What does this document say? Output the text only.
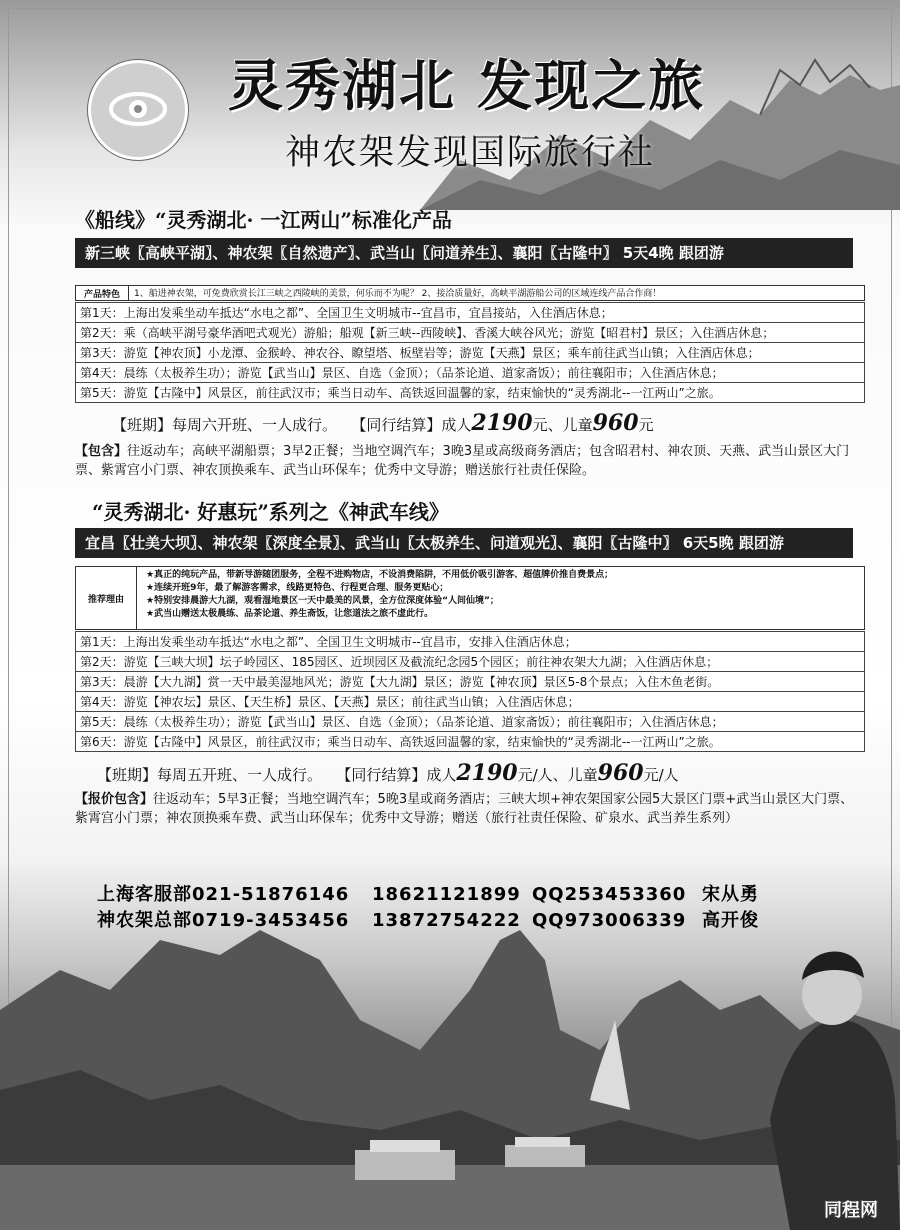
灵秀湖北 发现之旅
神农架发现国际旅行社
《船线》“灵秀湖北· 一江两山”标准化产品
新三峡〖高峡平湖〗、神农架〖自然遗产〗、武当山〖问道养生〗、襄阳〖古隆中〗 5天4晚 跟团游
产品特色	1、船进神农架，可免费欣赏长江三峡之西陵峡的美景，何乐而不为呢？ 2、接洽质量好，高峡平湖游船公司的区域连线产品合作商！
第1天：上海出发乘坐动车抵达“水电之都”、全国卫生文明城市--宜昌市，宜昌接站，入住酒店休息；
第2天：乘（高峡平湖号豪华酒吧式观光）游船；船观【新三峡--西陵峡】、香溪大峡谷风光；游览【昭君村】景区；入住酒店休息；
第3天：游览【神农顶】小龙潭、金猴岭、神农谷、瞭望塔、板壁岩等；游览【天燕】景区；乘车前往武当山镇；入住酒店休息；
第4天：晨练（太极养生功）；游览【武当山】景区、自选（金顶）；（品茶论道、道家斋饭）；前往襄阳市；入住酒店休息；
第5天：游览【古隆中】风景区，前往武汉市；乘当日动车、高铁返回温馨的家，结束愉快的“灵秀湖北--一江两山”之旅。
【班期】每周六开班、一人成行。 【同行结算】成人2190元、儿童960元
【包含】往返动车；高峡平湖船票；3早2正餐；当地空调汽车；3晚3星或高级商务酒店；包含昭君村、神农顶、天燕、武当山景区大门票、紫霄宫小门票、神农顶换乘车、武当山环保车；优秀中文导游；赠送旅行社责任保险。
“灵秀湖北· 好惠玩”系列之《神武车线》
宜昌〖壮美大坝〗、神农架〖深度全景〗、武当山〖太极养生、问道观光〗、襄阳〖古隆中〗 6天5晚 跟团游
推荐理由
★真正的纯玩产品，带新导游随团服务，全程不进购物店，不设消费陷阱，不用低价吸引游客、超值牌价推自费景点；
★连续开班9年，最了解游客需求，线路更特色、行程更合理、服务更贴心；
★特别安排晨游大九湖，观看湿地景区一天中最美的风景，全方位深度体验“人间仙境”；
★武当山赠送太极晨练、品茶论道、养生斋饭，让您道法之旅不虚此行。
第1天：上海出发乘坐动车抵达“水电之都”、全国卫生文明城市--宜昌市，安排入住酒店休息；
第2天：游览【三峡大坝】坛子岭园区、185园区、近坝园区及截流纪念园5个园区；前往神农架大九湖；入住酒店休息；
第3天：晨游【大九湖】赏一天中最美湿地风光；游览【大九湖】景区；游览【神农顶】景区5-8个景点；入住木鱼老街。
第4天：游览【神农坛】景区、【天生桥】景区、【天燕】景区；前往武当山镇；入住酒店休息；
第5天：晨练（太极养生功）；游览【武当山】景区、自选（金顶）；（品茶论道、道家斋饭）；前往襄阳市；入住酒店休息；
第6天：游览【古隆中】风景区，前往武汉市；乘当日动车、高铁返回温馨的家，结束愉快的“灵秀湖北--一江两山”之旅。
【班期】每周五开班、一人成行。 【同行结算】成人2190元/人、儿童960元/人
【报价包含】往返动车；5早3正餐；当地空调汽车；5晚3星或商务酒店；三峡大坝+神农架国家公园5大景区门票+武当山景区大门票、紫霄宫小门票；神农顶换乘车费、武当山环保车；优秀中文导游；赠送（旅行社责任保险、矿泉水、武当养生系列）
上海客服部021-51876146 18621121899 QQ253453360 宋从勇
神农架总部0719-3453456 13872754222 QQ973006339 高开俊
同程网
